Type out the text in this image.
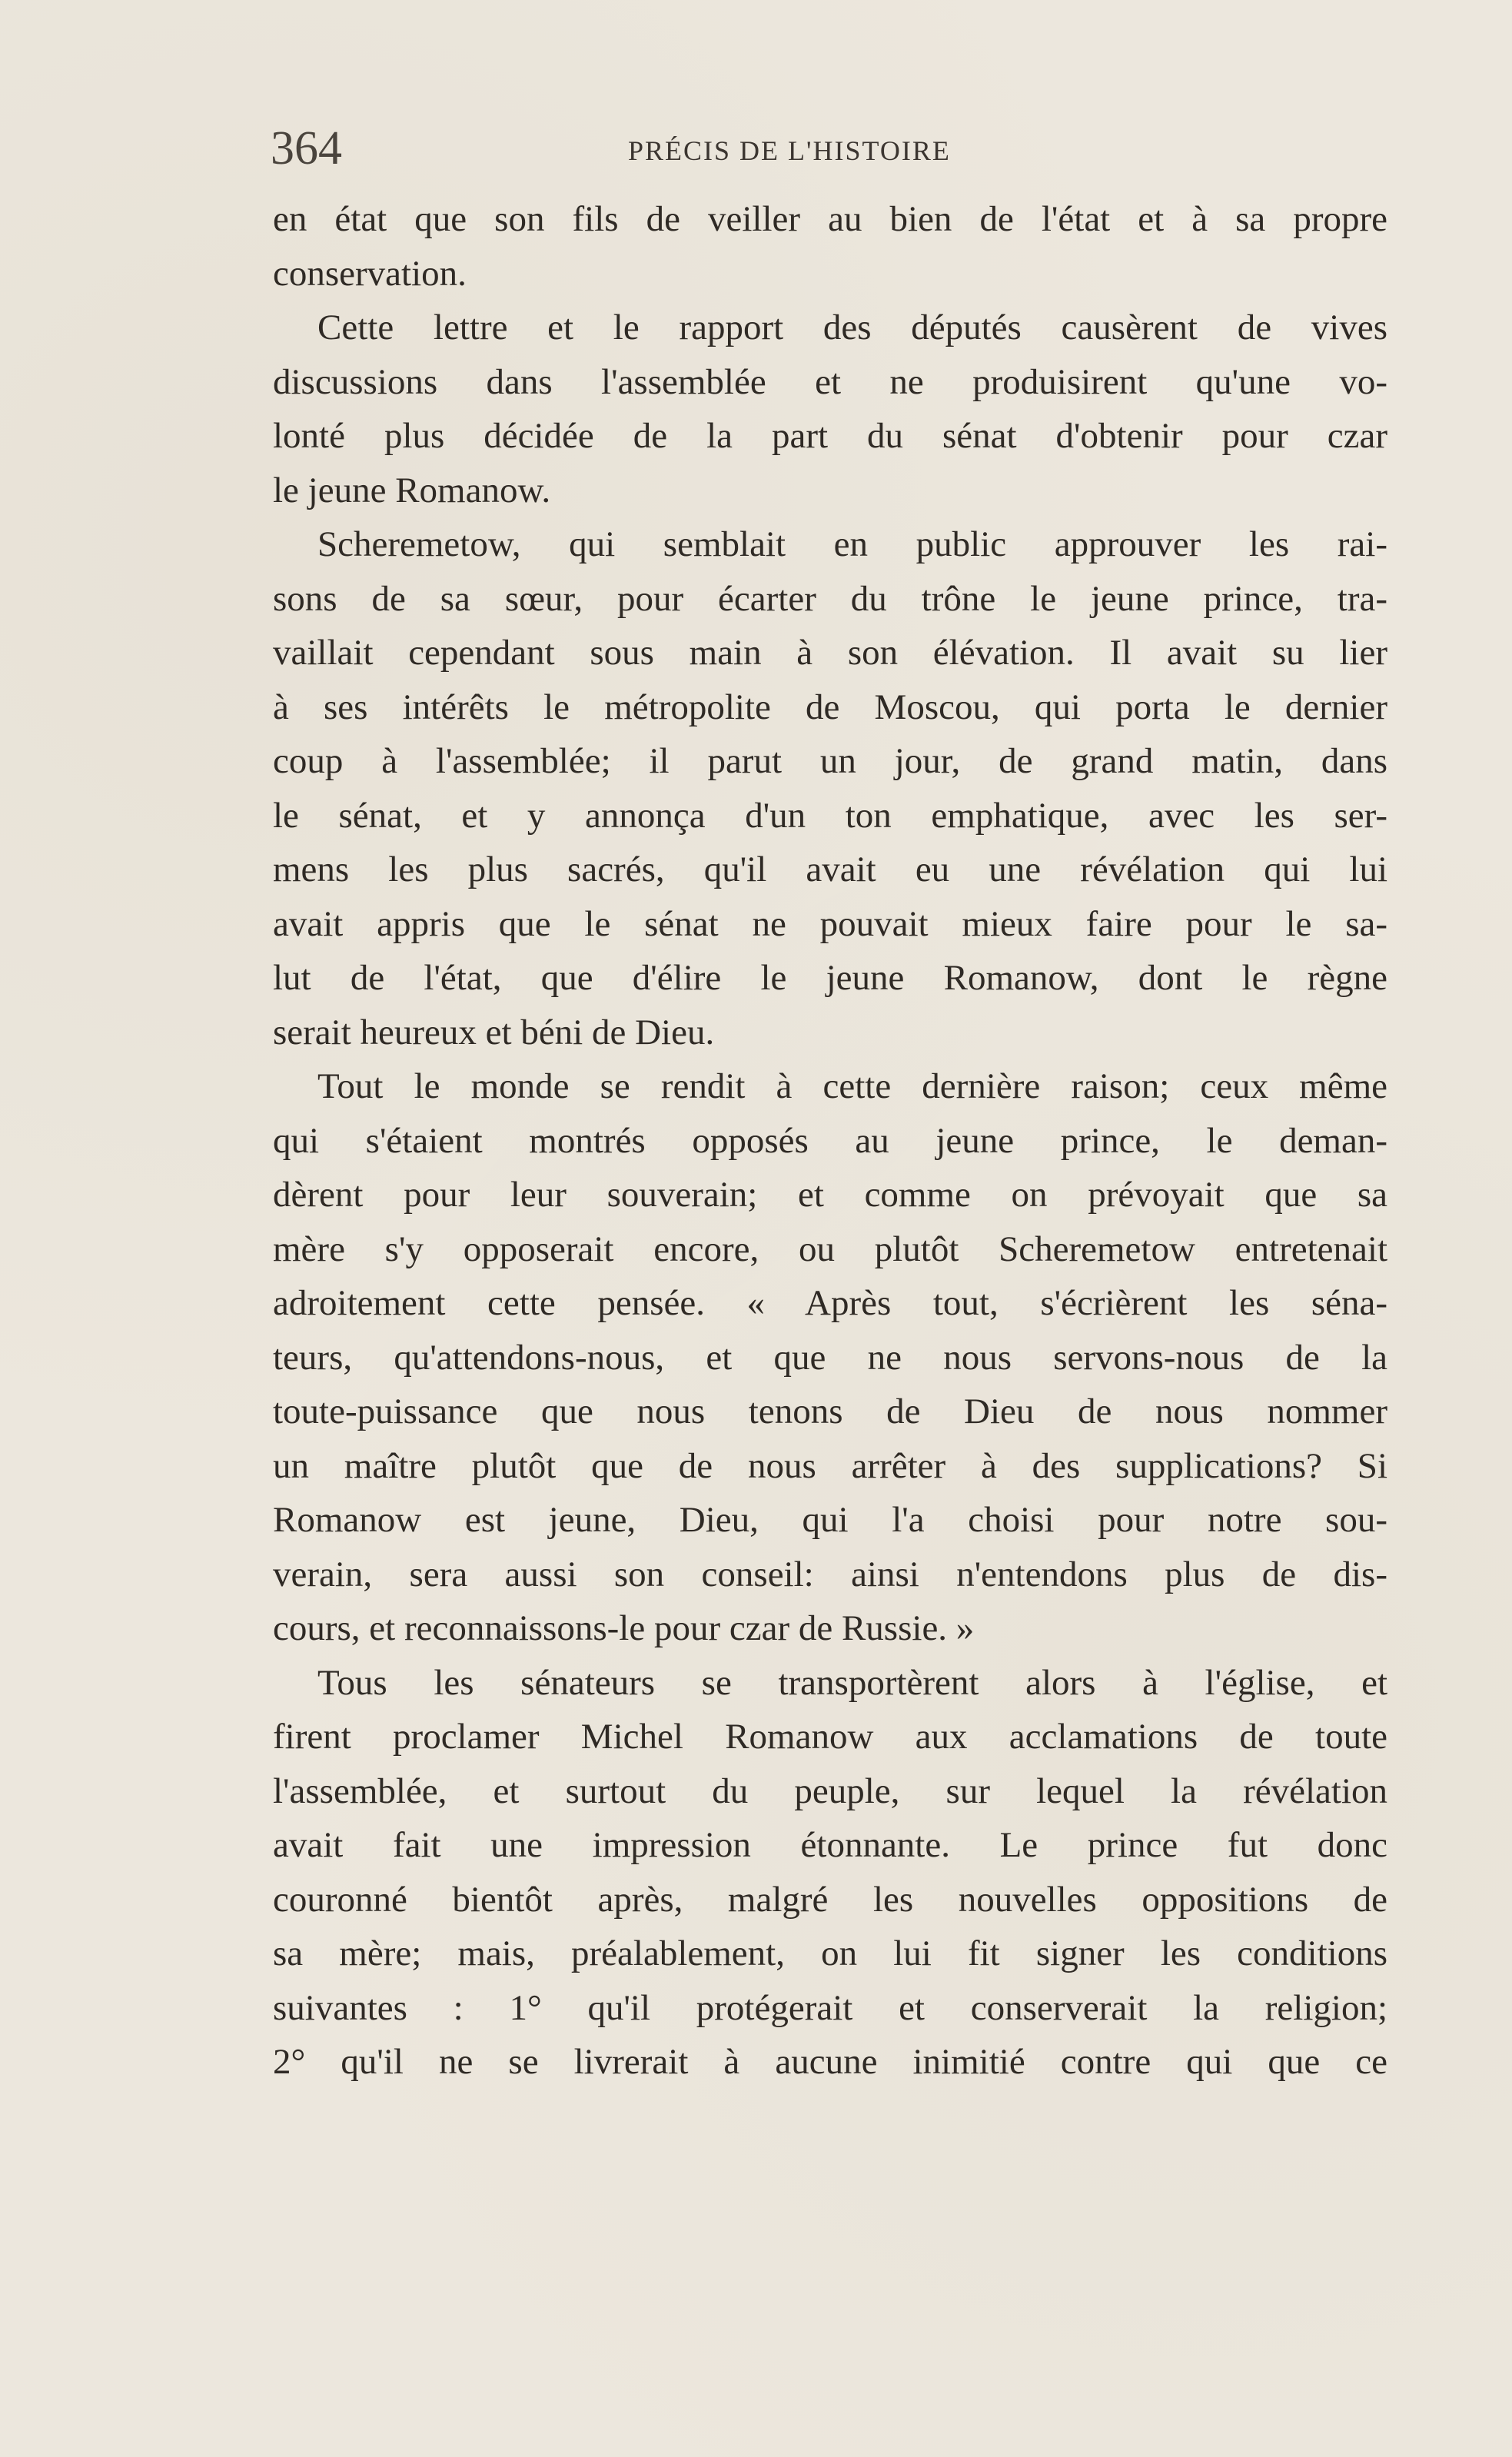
364	PRÉCIS DE L'HISTOIRE

en état que son fils de veiller au bien de l'état et à sa propre
conservation.

Cette lettre et le rapport des députés causèrent de vives
discussions dans l'assemblée et ne produisirent qu'une vo-
lonté plus décidée de la part du sénat d'obtenir pour czar
le jeune Romanow.

Scheremetow, qui semblait en public approuver les rai-
sons de sa sœur, pour écarter du trône le jeune prince, tra-
vaillait cependant sous main à son élévation. Il avait su lier
à ses intérêts le métropolite de Moscou, qui porta le dernier
coup à l'assemblée; il parut un jour, de grand matin, dans
le sénat, et y annonça d'un ton emphatique, avec les ser-
mens les plus sacrés, qu'il avait eu une révélation qui lui
avait appris que le sénat ne pouvait mieux faire pour le sa-
lut de l'état, que d'élire le jeune Romanow, dont le règne
serait heureux et béni de Dieu.

Tout le monde se rendit à cette dernière raison; ceux même
qui s'étaient montrés opposés au jeune prince, le deman-
dèrent pour leur souverain; et comme on prévoyait que sa
mère s'y opposerait encore, ou plutôt Scheremetow entretenait
adroitement cette pensée. « Après tout, s'écrièrent les séna-
teurs, qu'attendons-nous, et que ne nous servons-nous de la
toute-puissance que nous tenons de Dieu de nous nommer
un maître plutôt que de nous arrêter à des supplications? Si
Romanow est jeune, Dieu, qui l'a choisi pour notre sou-
verain, sera aussi son conseil: ainsi n'entendons plus de dis-
cours, et reconnaissons-le pour czar de Russie. »

Tous les sénateurs se transportèrent alors à l'église, et
firent proclamer Michel Romanow aux acclamations de toute
l'assemblée, et surtout du peuple, sur lequel la révélation
avait fait une impression étonnante. Le prince fut donc
couronné bientôt après, malgré les nouvelles oppositions de
sa mère; mais, préalablement, on lui fit signer les conditions
suivantes : 1° qu'il protégerait et conserverait la religion;
2° qu'il ne se livrerait à aucune inimitié contre qui que ce
